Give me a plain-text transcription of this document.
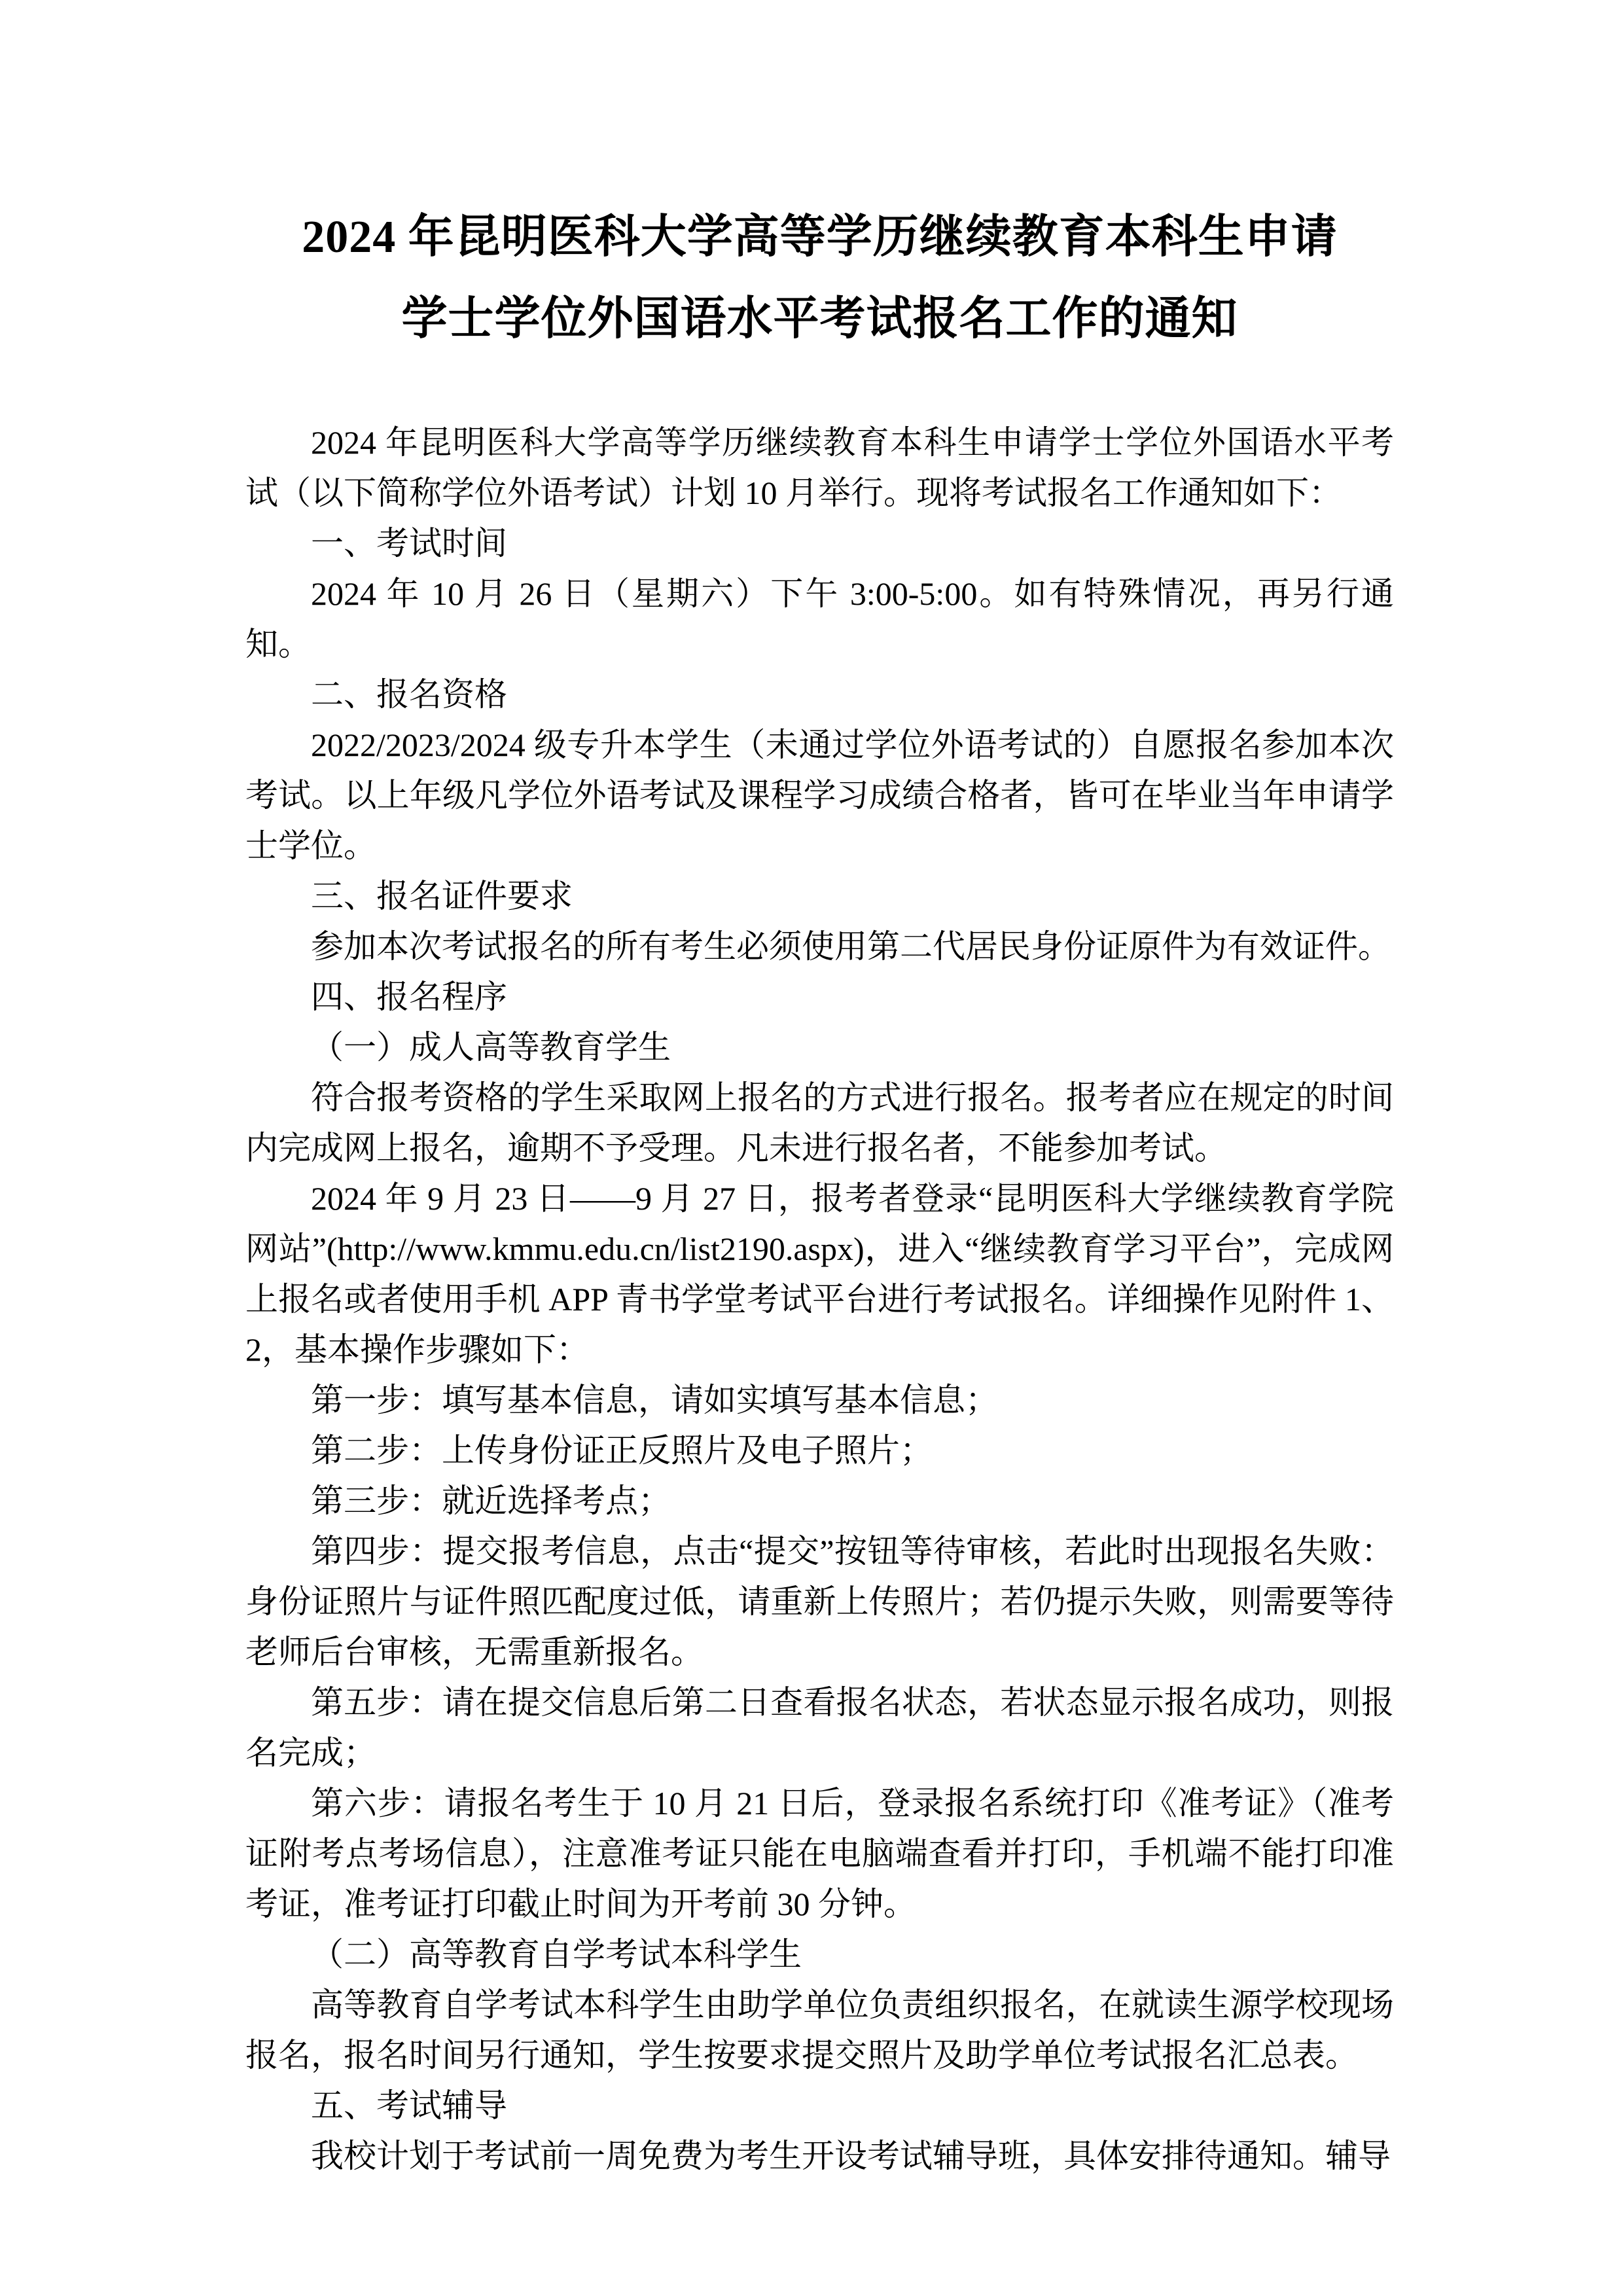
2024 年昆明医科大学高等学历继续教育本科生申请
学士学位外国语水平考试报名工作的通知

2024 年昆明医科大学高等学历继续教育本科生申请学士学位外国语水平考试（以下简称学位外语考试）计划 10 月举行。现将考试报名工作通知如下：

一、考试时间

2024 年 10 月 26 日（星期六）下午 3:00-5:00。如有特殊情况，再另行通知。

二、报名资格

2022/2023/2024 级专升本学生（未通过学位外语考试的）自愿报名参加本次考试。以上年级凡学位外语考试及课程学习成绩合格者，皆可在毕业当年申请学士学位。

三、报名证件要求

参加本次考试报名的所有考生必须使用第二代居民身份证原件为有效证件。

四、报名程序

（一）成人高等教育学生

符合报考资格的学生采取网上报名的方式进行报名。报考者应在规定的时间内完成网上报名，逾期不予受理。凡未进行报名者，不能参加考试。

2024 年 9 月 23 日——9 月 27 日，报考者登录“昆明医科大学继续教育学院网站”(http://www.kmmu.edu.cn/list2190.aspx)，进入“继续教育学习平台”，完成网上报名或者使用手机 APP 青书学堂考试平台进行考试报名。详细操作见附件 1、2，基本操作步骤如下：

第一步：填写基本信息，请如实填写基本信息；

第二步：上传身份证正反照片及电子照片；

第三步：就近选择考点；

第四步：提交报考信息，点击“提交”按钮等待审核，若此时出现报名失败：身份证照片与证件照匹配度过低，请重新上传照片；若仍提示失败，则需要等待老师后台审核，无需重新报名。

第五步：请在提交信息后第二日查看报名状态，若状态显示报名成功，则报名完成；

第六步：请报名考生于 10 月 21 日后，登录报名系统打印《准考证》（准考证附考点考场信息），注意准考证只能在电脑端查看并打印，手机端不能打印准考证，准考证打印截止时间为开考前 30 分钟。

（二）高等教育自学考试本科学生

高等教育自学考试本科学生由助学单位负责组织报名，在就读生源学校现场报名，报名时间另行通知，学生按要求提交照片及助学单位考试报名汇总表。

五、考试辅导

我校计划于考试前一周免费为考生开设考试辅导班，具体安排待通知。辅导
